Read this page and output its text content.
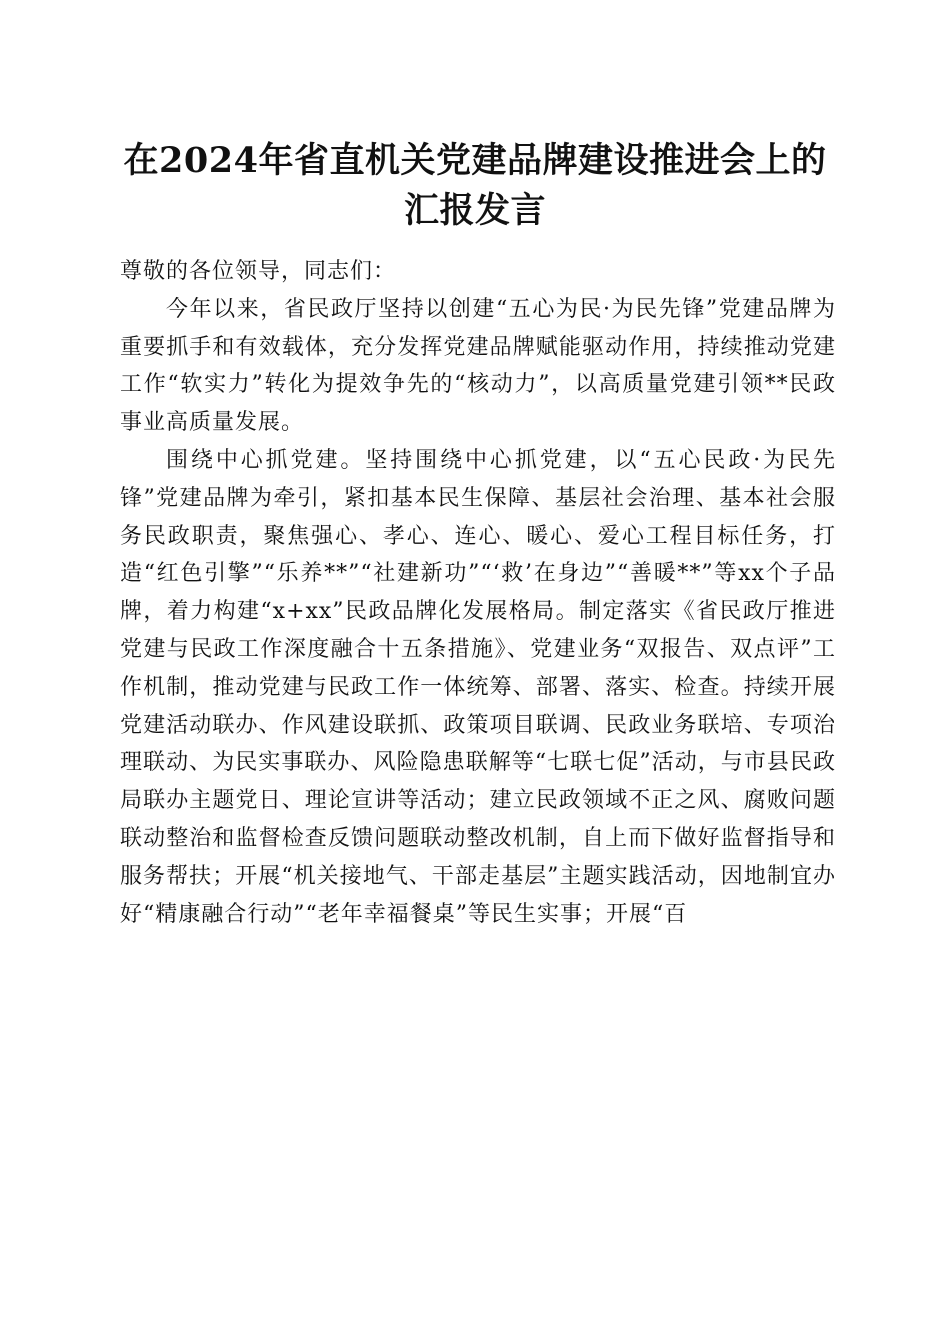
在2024年省直机关党建品牌建设推进会上的
汇报发言

尊敬的各位领导，同志们：

今年以来，省民政厅坚持以创建“五心为民·为民先锋”党建品牌为重要抓手和有效载体，充分发挥党建品牌赋能驱动作用，持续推动党建工作“软实力”转化为提效争先的“核动力”，以高质量党建引领**民政事业高质量发展。

围绕中心抓党建。坚持围绕中心抓党建，以“五心民政·为民先锋”党建品牌为牵引，紧扣基本民生保障、基层社会治理、基本社会服务民政职责，聚焦强心、孝心、连心、暖心、爱心工程目标任务，打造“红色引擎”“乐养**”“社建新功”“‘救’在身边”“善暖**”等xx个子品牌，着力构建“x+xx”民政品牌化发展格局。制定落实《省民政厅推进党建与民政工作深度融合十五条措施》、党建业务“双报告、双点评”工作机制，推动党建与民政工作一体统筹、部署、落实、检查。持续开展党建活动联办、作风建设联抓、政策项目联调、民政业务联培、专项治理联动、为民实事联办、风险隐患联解等“七联七促”活动，与市县民政局联办主题党日、理论宣讲等活动；建立民政领域不正之风、腐败问题联动整治和监督检查反馈问题联动整改机制，自上而下做好监督指导和服务帮扶；开展“机关接地气、干部走基层”主题实践活动，因地制宜办好“精康融合行动”“老年幸福餐桌”等民生实事；开展“百
